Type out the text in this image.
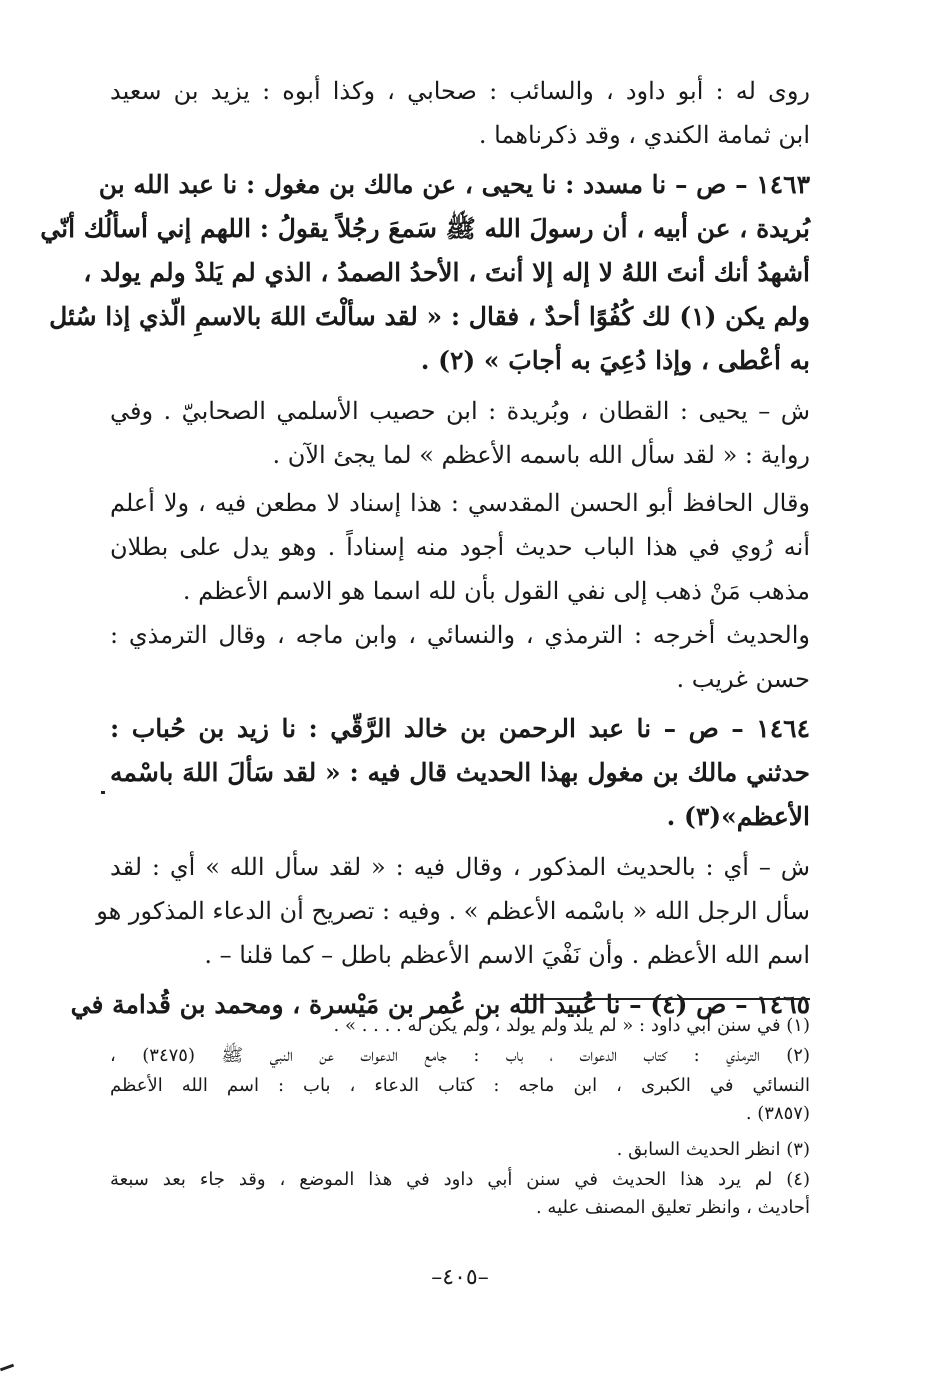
روى له : أبو داود ، والسائب : صحابي ، وكذا أبوه : يزيد بن سعيد
ابن ثمامة الكندي ، وقد ذكرناهما .
١٤٦٣ – ص – نا مسدد : نا يحيى ، عن مالك بن مغول : نا عبد الله بن
بُريدة ، عن أبيه ، أن رسولَ الله ﷺ سَمعَ رجُلاً يقولُ : اللهم إني أسألُك أنّي
أشهدُ أنك أنتَ اللهُ لا إله إلا أنتَ ، الأحدُ الصمدُ ، الذي لم يَلدْ ولم يولد ،
ولم يكن (١) لك كُفُوًا أحدٌ ، فقال : « لقد سألْتَ اللهَ بالاسمِ الّذي إذا سُئل
به أعْطى ، وإذا دُعِيَ به أجابَ » (٢) .
ش – يحيى : القطان ، وبُريدة : ابن حصيب الأسلمي الصحابيّ . وفي
رواية : « لقد سأل الله باسمه الأعظم » لما يجئ الآن .
وقال الحافظ أبو الحسن المقدسي : هذا إسناد لا مطعن فيه ، ولا أعلم
أنه رُوي في هذا الباب حديث أجود منه إسناداً . وهو يدل على بطلان
مذهب مَنْ ذهب إلى نفي القول بأن لله اسما هو الاسم الأعظم .
والحديث أخرجه : الترمذي ، والنسائي ، وابن ماجه ، وقال الترمذي :
حسن غريب .
١٤٦٤ – ص – نا عبد الرحمن بن خالد الرَّقّي : نا زيد بن حُباب :
حدثني مالك بن مغول بهذا الحديث قال فيه : « لقد سَألَ اللهَ باسْمه
الأعظم»(٣) .
ش – أي : بالحديث المذكور ، وقال فيه : « لقد سأل الله » أي : لقد
سأل الرجل الله « باسْمه الأعظم » . وفيه : تصريح أن الدعاء المذكور هو
اسم الله الأعظم . وأن نَفْيَ الاسم الأعظم باطل – كما قلنا – .
١٤٦٥ – ص (٤) – نا عُبيد الله بن عُمر بن مَيْسرة ، ومحمد بن قُدامة في
(١) في سنن أبي داود : « لم يلد ولم يولد ، ولم يكن له . . . . » .
(٢) الترمذي : كتاب الدعوات ، باب : جامع الدعوات عن النبي ﷺ (٣٤٧٥) ،
النسائي في الكبرى ، ابن ماجه : كتاب الدعاء ، باب : اسم الله الأعظم
(٣٨٥٧) .
(٣) انظر الحديث السابق .
(٤) لم يرد هذا الحديث في سنن أبي داود في هذا الموضع ، وقد جاء بعد سبعة
أحاديث ، وانظر تعليق المصنف عليه .
–٤٠٥–
